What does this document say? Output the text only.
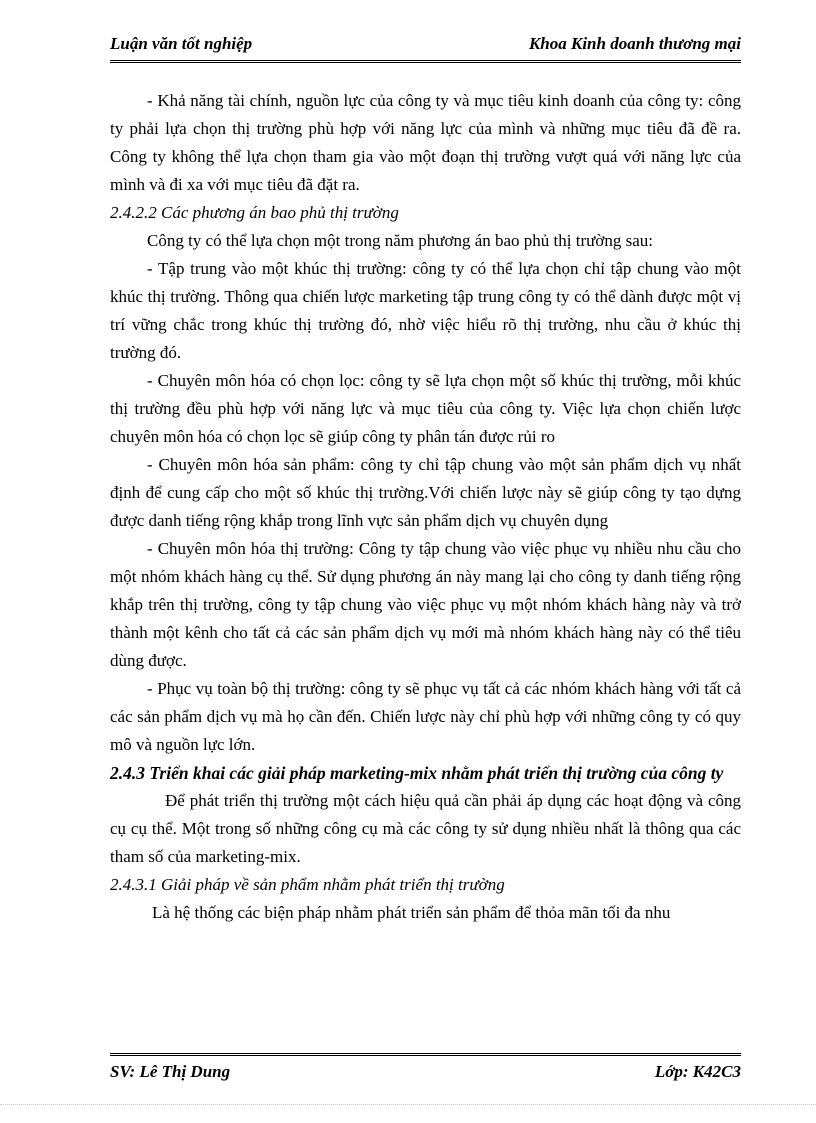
Luận văn tốt nghiệp	Khoa Kinh doanh thương mại

- Khả năng tài chính, nguồn lực của công ty và mục tiêu kinh doanh của công ty: công ty phải lựa chọn thị trường phù hợp với năng lực của mình và những mục tiêu đã đề ra. Công ty không thể lựa chọn tham gia vào một đoạn thị trường vượt quá với năng lực của mình và đi xa với mục tiêu đã đặt ra.

2.4.2.2 Các phương án bao phủ thị trường

Công ty có thể lựa chọn một trong năm phương án bao phủ thị trường sau:

- Tập trung vào một khúc thị trường: công ty có thể lựa chọn chỉ tập chung vào một khúc thị trường. Thông qua chiến lược marketing tập trung công ty có thể dành được một vị trí vững chắc trong khúc thị trường đó, nhờ việc hiểu rõ thị trường, nhu cầu ở khúc thị trường đó.

- Chuyên môn hóa có chọn lọc: công ty sẽ lựa chọn một số khúc thị trường, mỗi khúc thị trường đều phù hợp với năng lực và mục tiêu của công ty. Việc lựa chọn chiến lược chuyên môn hóa có chọn lọc sẽ giúp công ty phân tán được rủi ro

- Chuyên môn hóa sản phẩm: công ty chỉ tập chung vào một sản phẩm dịch vụ nhất định để cung cấp cho một số khúc thị trường.Với chiến lược này sẽ giúp công ty tạo dựng được danh tiếng rộng khắp trong lĩnh vực sản phẩm dịch vụ chuyên dụng

- Chuyên môn hóa thị trường: Công ty tập chung vào việc phục vụ nhiều nhu cầu cho một nhóm khách hàng cụ thể. Sử dụng phương án này mang lại cho công ty danh tiếng rộng khắp trên thị trường, công ty tập chung vào việc phục vụ một nhóm khách hàng này và trở thành một kênh cho tất cả các sản phẩm dịch vụ mới mà nhóm khách hàng này có thể tiêu dùng được.

- Phục vụ toàn bộ thị trường: công ty sẽ phục vụ tất cả các nhóm khách hàng với tất cả các sản phẩm dịch vụ mà họ cần đến. Chiến lược này chỉ phù hợp với những công ty có quy mô và nguồn lực lớn.

2.4.3 Triển khai các giải pháp marketing-mix nhằm phát triển thị trường của công ty

Để phát triển thị trường một cách hiệu quả cần phải áp dụng các hoạt động và công cụ cụ thể. Một trong số những công cụ mà các công ty sử dụng nhiều nhất là thông qua các tham số của marketing-mix.

2.4.3.1 Giải pháp về sản phẩm nhằm phát triển thị trường

Là hệ thống các biện pháp nhằm phát triển sản phẩm để thỏa mãn tối đa nhu

SV: Lê Thị Dung	Lớp: K42C3
